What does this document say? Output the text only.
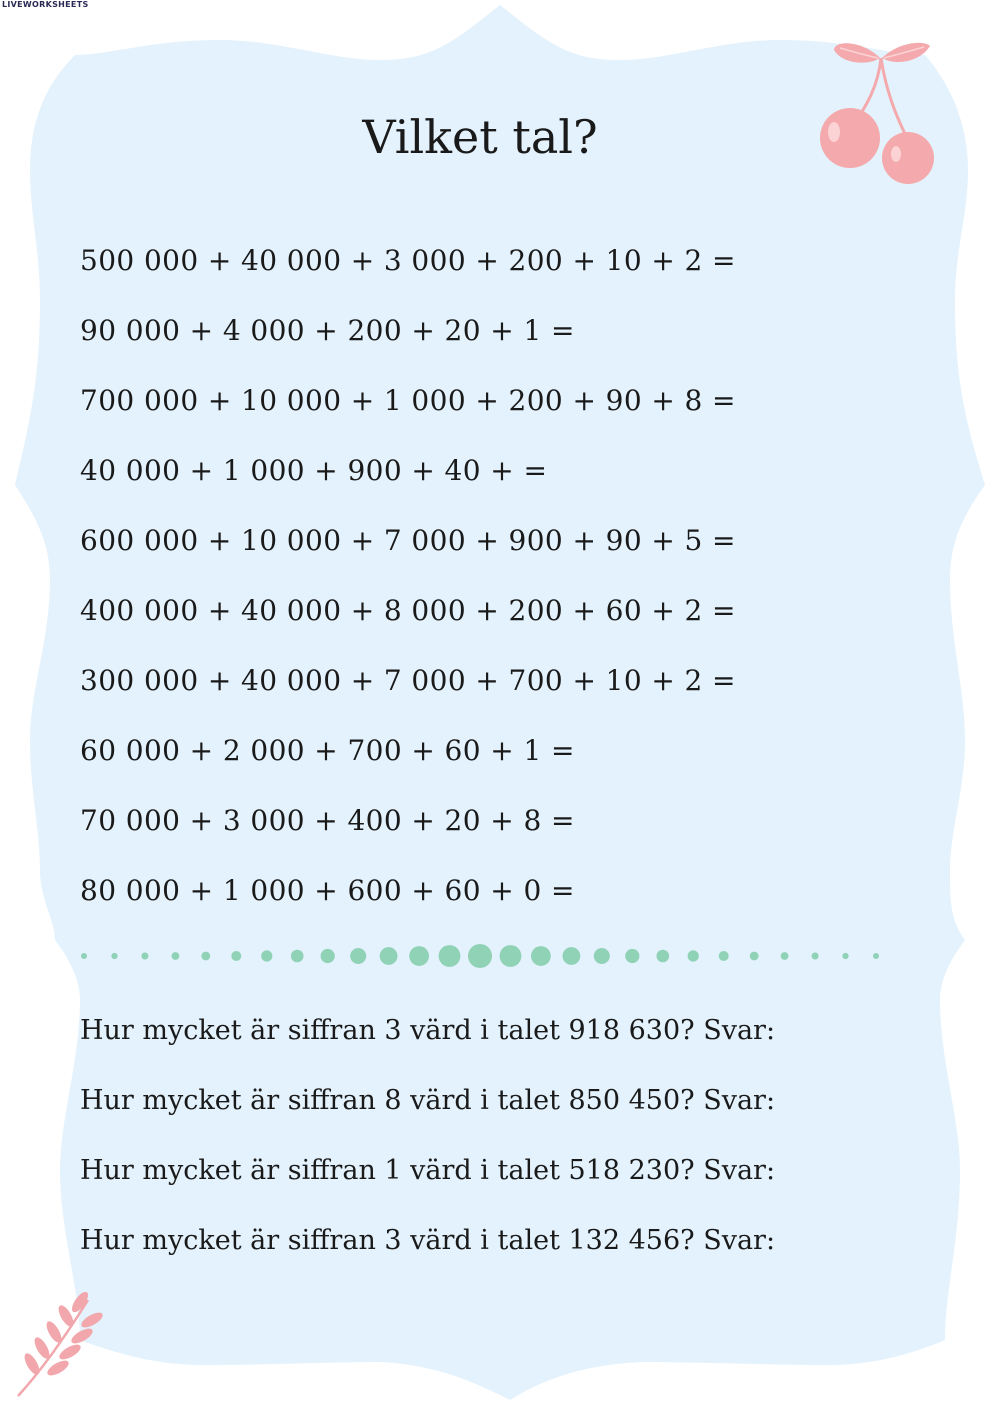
LIVEWORKSHEETS
Vilket tal?
500 000 + 40 000 + 3 000 + 200 + 10 + 2 =
90 000 + 4 000 + 200 + 20 + 1 =
700 000 + 10 000 + 1 000 + 200 + 90 + 8 =
40 000 + 1 000 + 900 + 40 + =
600 000 + 10 000 + 7 000 + 900 + 90 + 5 =
400 000 + 40 000 + 8 000 + 200 + 60 + 2 =
300 000 + 40 000 + 7 000 + 700 + 10 + 2 =
60 000 + 2 000 + 700 + 60 + 1 =
70 000 + 3 000 + 400 + 20 + 8 =
80 000 + 1 000 + 600 + 60 + 0 =
Hur mycket är siffran 3 värd i talet 918 630? Svar:
Hur mycket är siffran 8 värd i talet 850 450? Svar:
Hur mycket är siffran 1 värd i talet 518 230? Svar:
Hur mycket är siffran 3 värd i talet 132 456? Svar:
